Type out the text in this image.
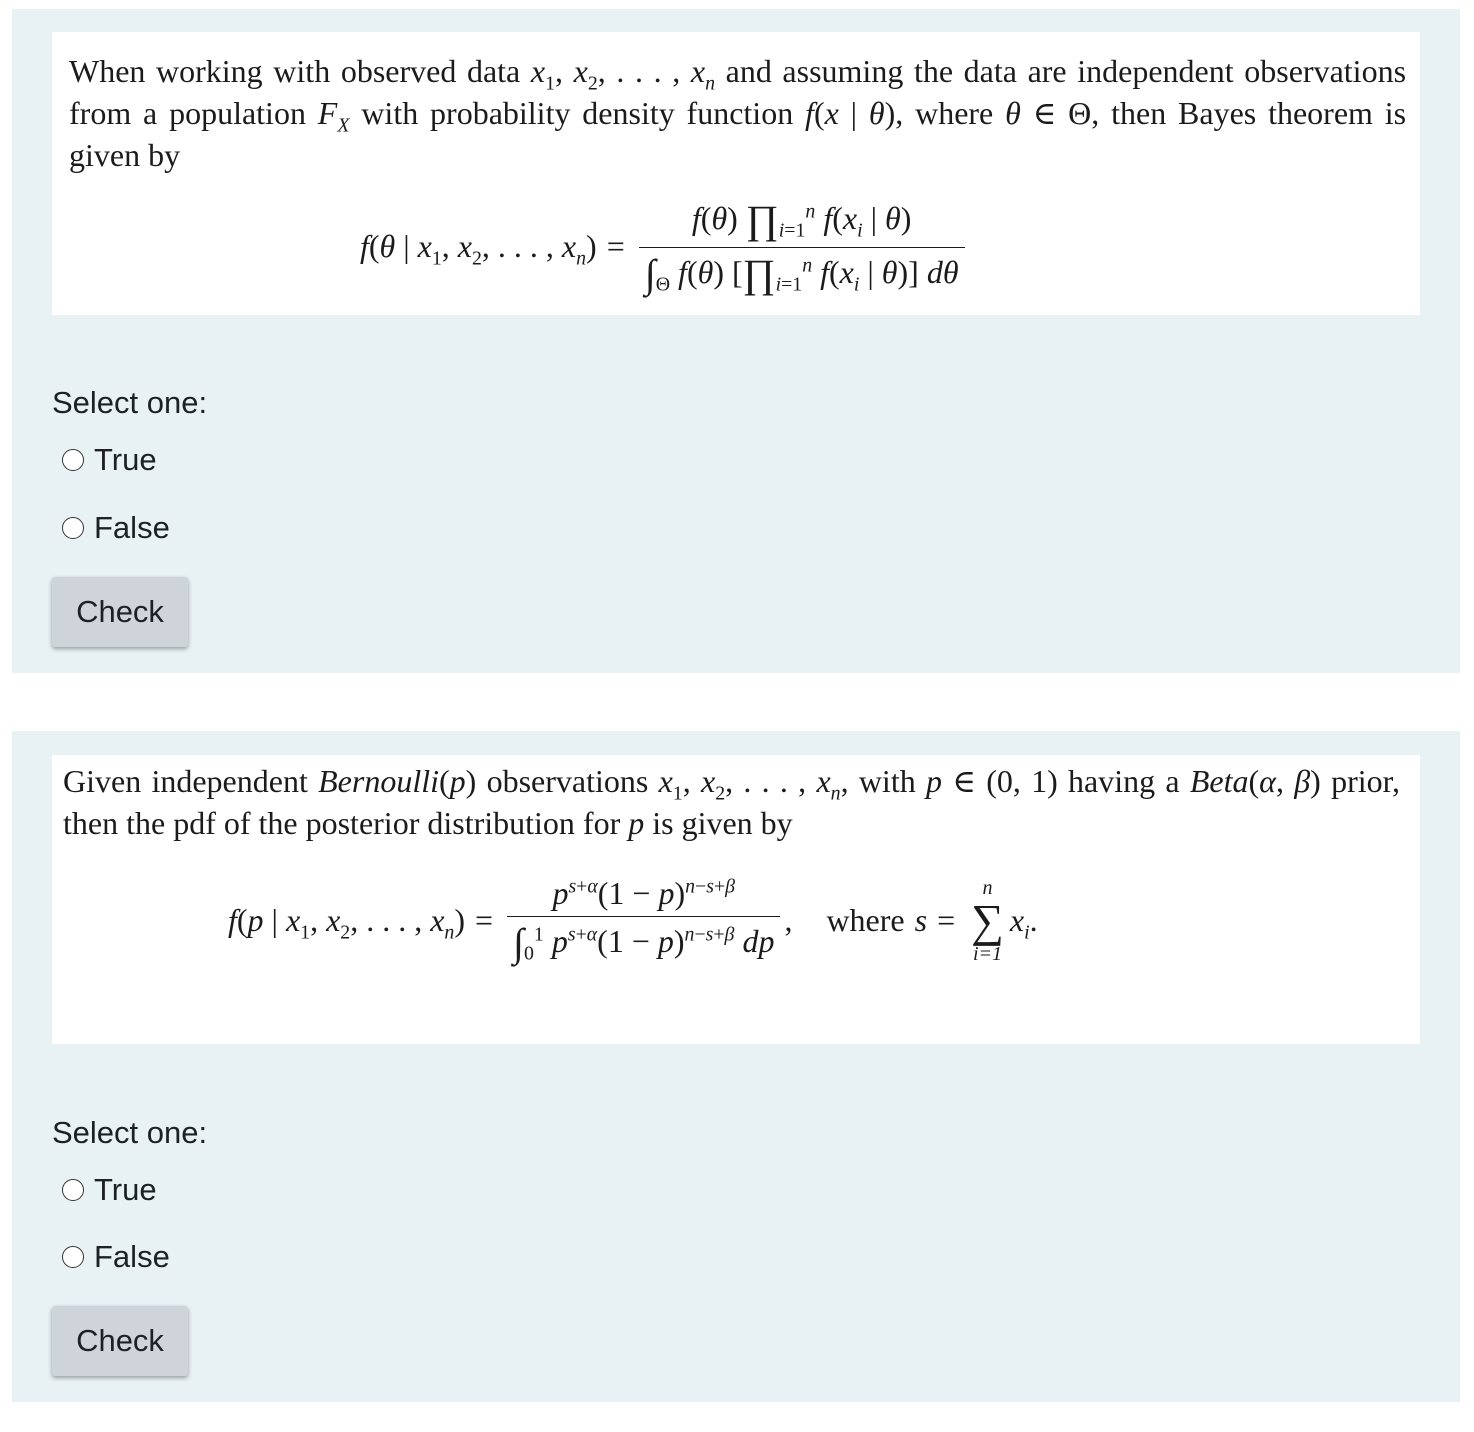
When working with observed data $x_1$, $x_2$, . . . , $x_n$ and assuming the data are independent observations from a population $F_X$ with probability density function f(x | θ), where θ ∈ Θ, then Bayes theorem is given by

f(θ | $x_1$, $x_2$, . . . , $x_n) = \frac{f(\theta) \prod_{i=1}^n f(x_i | \theta)}{\int_\Theta f(\theta) [\prod_{i=1}^n f(x_i | \theta)] d\theta}$
Select one:
True
False
Check

Given independent Bernoulli(p) observations $x_1$, $x_2$, . . . , $x_n$, with p ∈ (0, 1) having a Beta(α, β) prior, then the pdf of the posterior distribution for p is given by

f(p | $x_1$, $x_2$, . . . , $x_n) = \frac{p^{s+\alpha}(1 - p)^{n-s+\beta}}{\int_0^1 p^{s+\alpha}(1 - p)^{n-s+\beta} dp}$ , where s =
n
∑
i=1
$x_i$.
Select one:
True
False
Check
